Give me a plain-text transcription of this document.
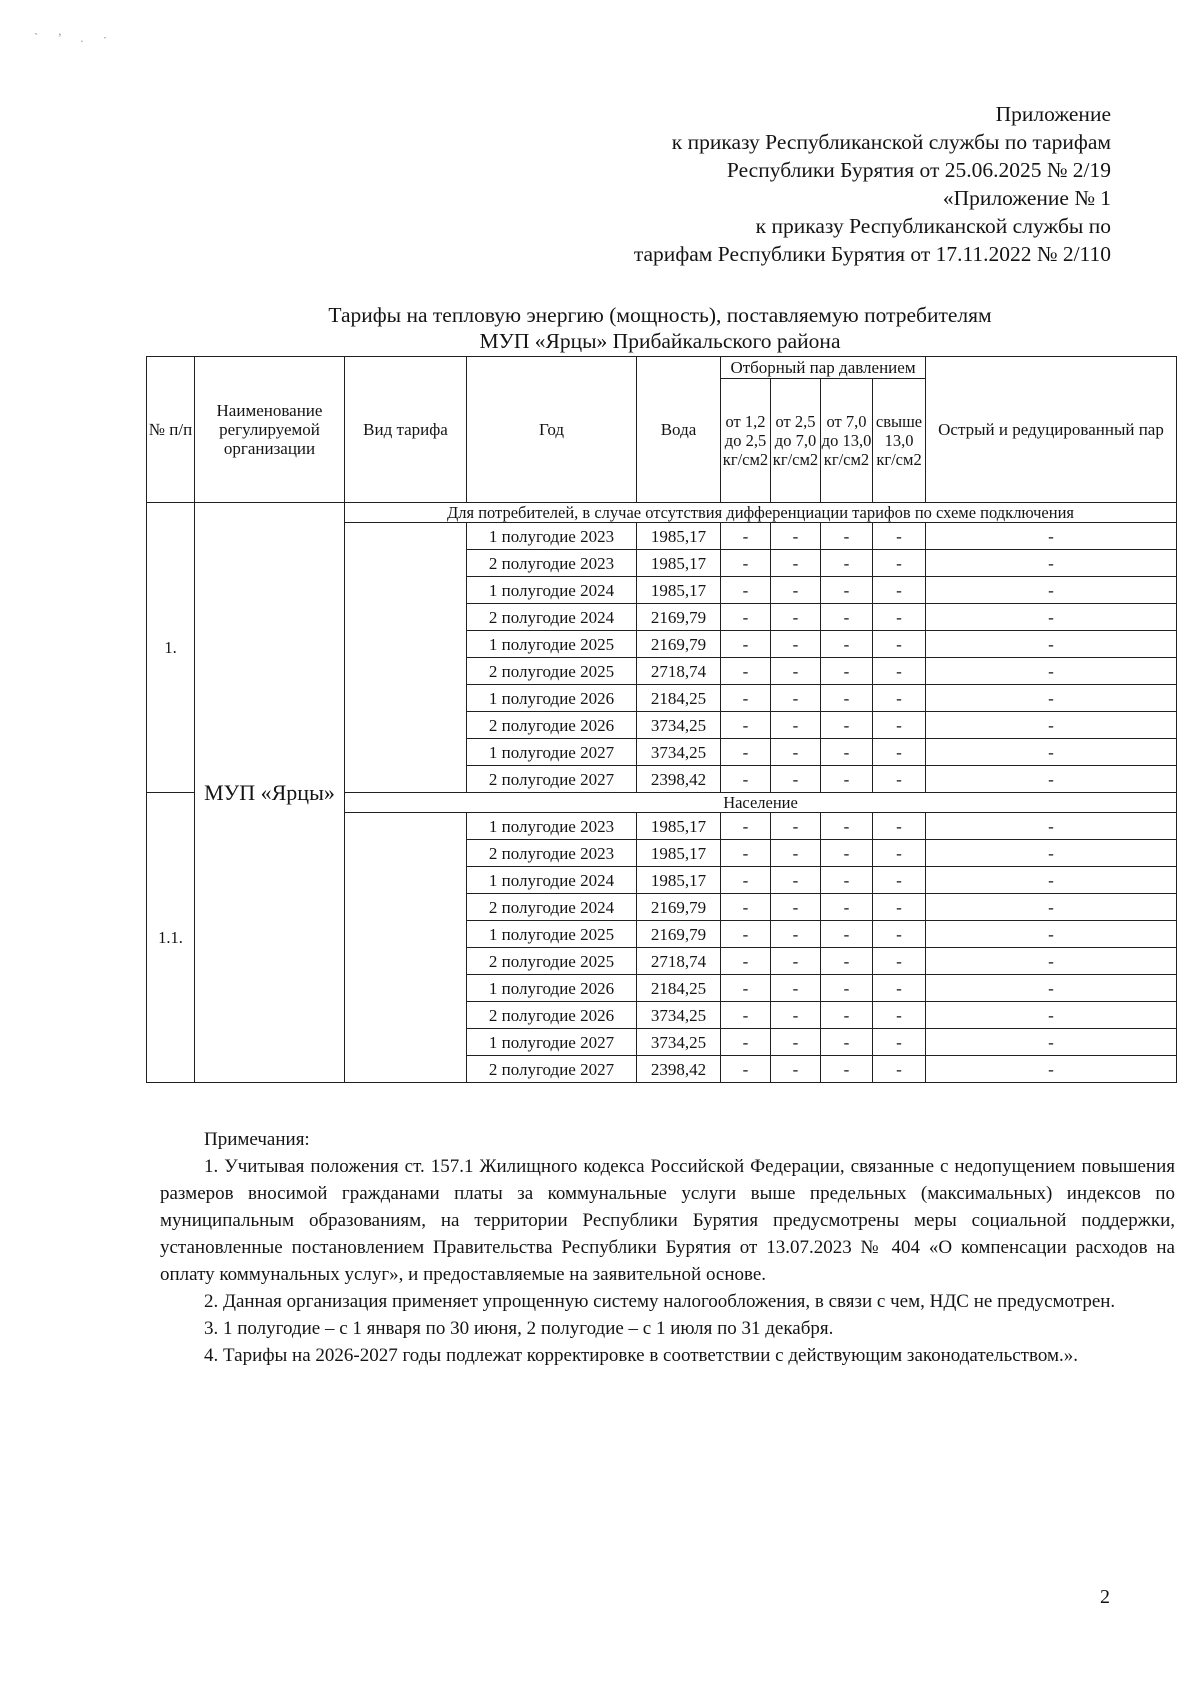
` ’ . ·
Приложение
к приказу Республиканской службы по тарифам
Республики Бурятия от 25.06.2025 № 2/19
«Приложение № 1
к приказу Республиканской службы по
тарифам Республики Бурятия от 17.11.2022 № 2/110
Тарифы на тепловую энергию (мощность), поставляемую потребителям
МУП «Ярцы» Прибайкальского района
№ п/п	Наименование регулируемой организации	Вид тарифа	Год	Вода	Отборный пар давлением				Острый и редуцированный пар
					от 1,2 до 2,5 кг/см2	от 2,5 до 7,0 кг/см2	от 7,0 до 13,0 кг/см2	свыше 13,0 кг/см2	
1.	МУП «Ярцы»	Для потребителей, в случае отсутствия дифференциации тарифов по схеме подключения							
			1 полугодие 2023	1985,17	-	-	-	-	-
			2 полугодие 2023	1985,17	-	-	-	-	-
			1 полугодие 2024	1985,17	-	-	-	-	-
			2 полугодие 2024	2169,79	-	-	-	-	-
			1 полугодие 2025	2169,79	-	-	-	-	-
			2 полугодие 2025	2718,74	-	-	-	-	-
			1 полугодие 2026	2184,25	-	-	-	-	-
			2 полугодие 2026	3734,25	-	-	-	-	-
			1 полугодие 2027	3734,25	-	-	-	-	-
			2 полугодие 2027	2398,42	-	-	-	-	-
1.1.		Население							
			1 полугодие 2023	1985,17	-	-	-	-	-
			2 полугодие 2023	1985,17	-	-	-	-	-
			1 полугодие 2024	1985,17	-	-	-	-	-
			2 полугодие 2024	2169,79	-	-	-	-	-
			1 полугодие 2025	2169,79	-	-	-	-	-
			2 полугодие 2025	2718,74	-	-	-	-	-
			1 полугодие 2026	2184,25	-	-	-	-	-
			2 полугодие 2026	3734,25	-	-	-	-	-
			1 полугодие 2027	3734,25	-	-	-	-	-
			2 полугодие 2027	2398,42	-	-	-	-	-
Примечания:

1. Учитывая положения ст. 157.1 Жилищного кодекса Российской Федерации, связанные с недопущением повышения размеров вносимой гражданами платы за коммунальные услуги выше предельных (максимальных) индексов по муниципальным образованиям, на территории Республики Бурятия предусмотрены меры социальной поддержки, установленные постановлением Правительства Республики Бурятия от 13.07.2023 № 404 «О компенсации расходов на оплату коммунальных услуг», и предоставляемые на заявительной основе.

2. Данная организация применяет упрощенную систему налогообложения, в связи с чем, НДС не предусмотрен.

3. 1 полугодие – с 1 января по 30 июня, 2 полугодие – с 1 июля по 31 декабря.

4. Тарифы на 2026-2027 годы подлежат корректировке в соответствии с действующим законодательством.».

2
